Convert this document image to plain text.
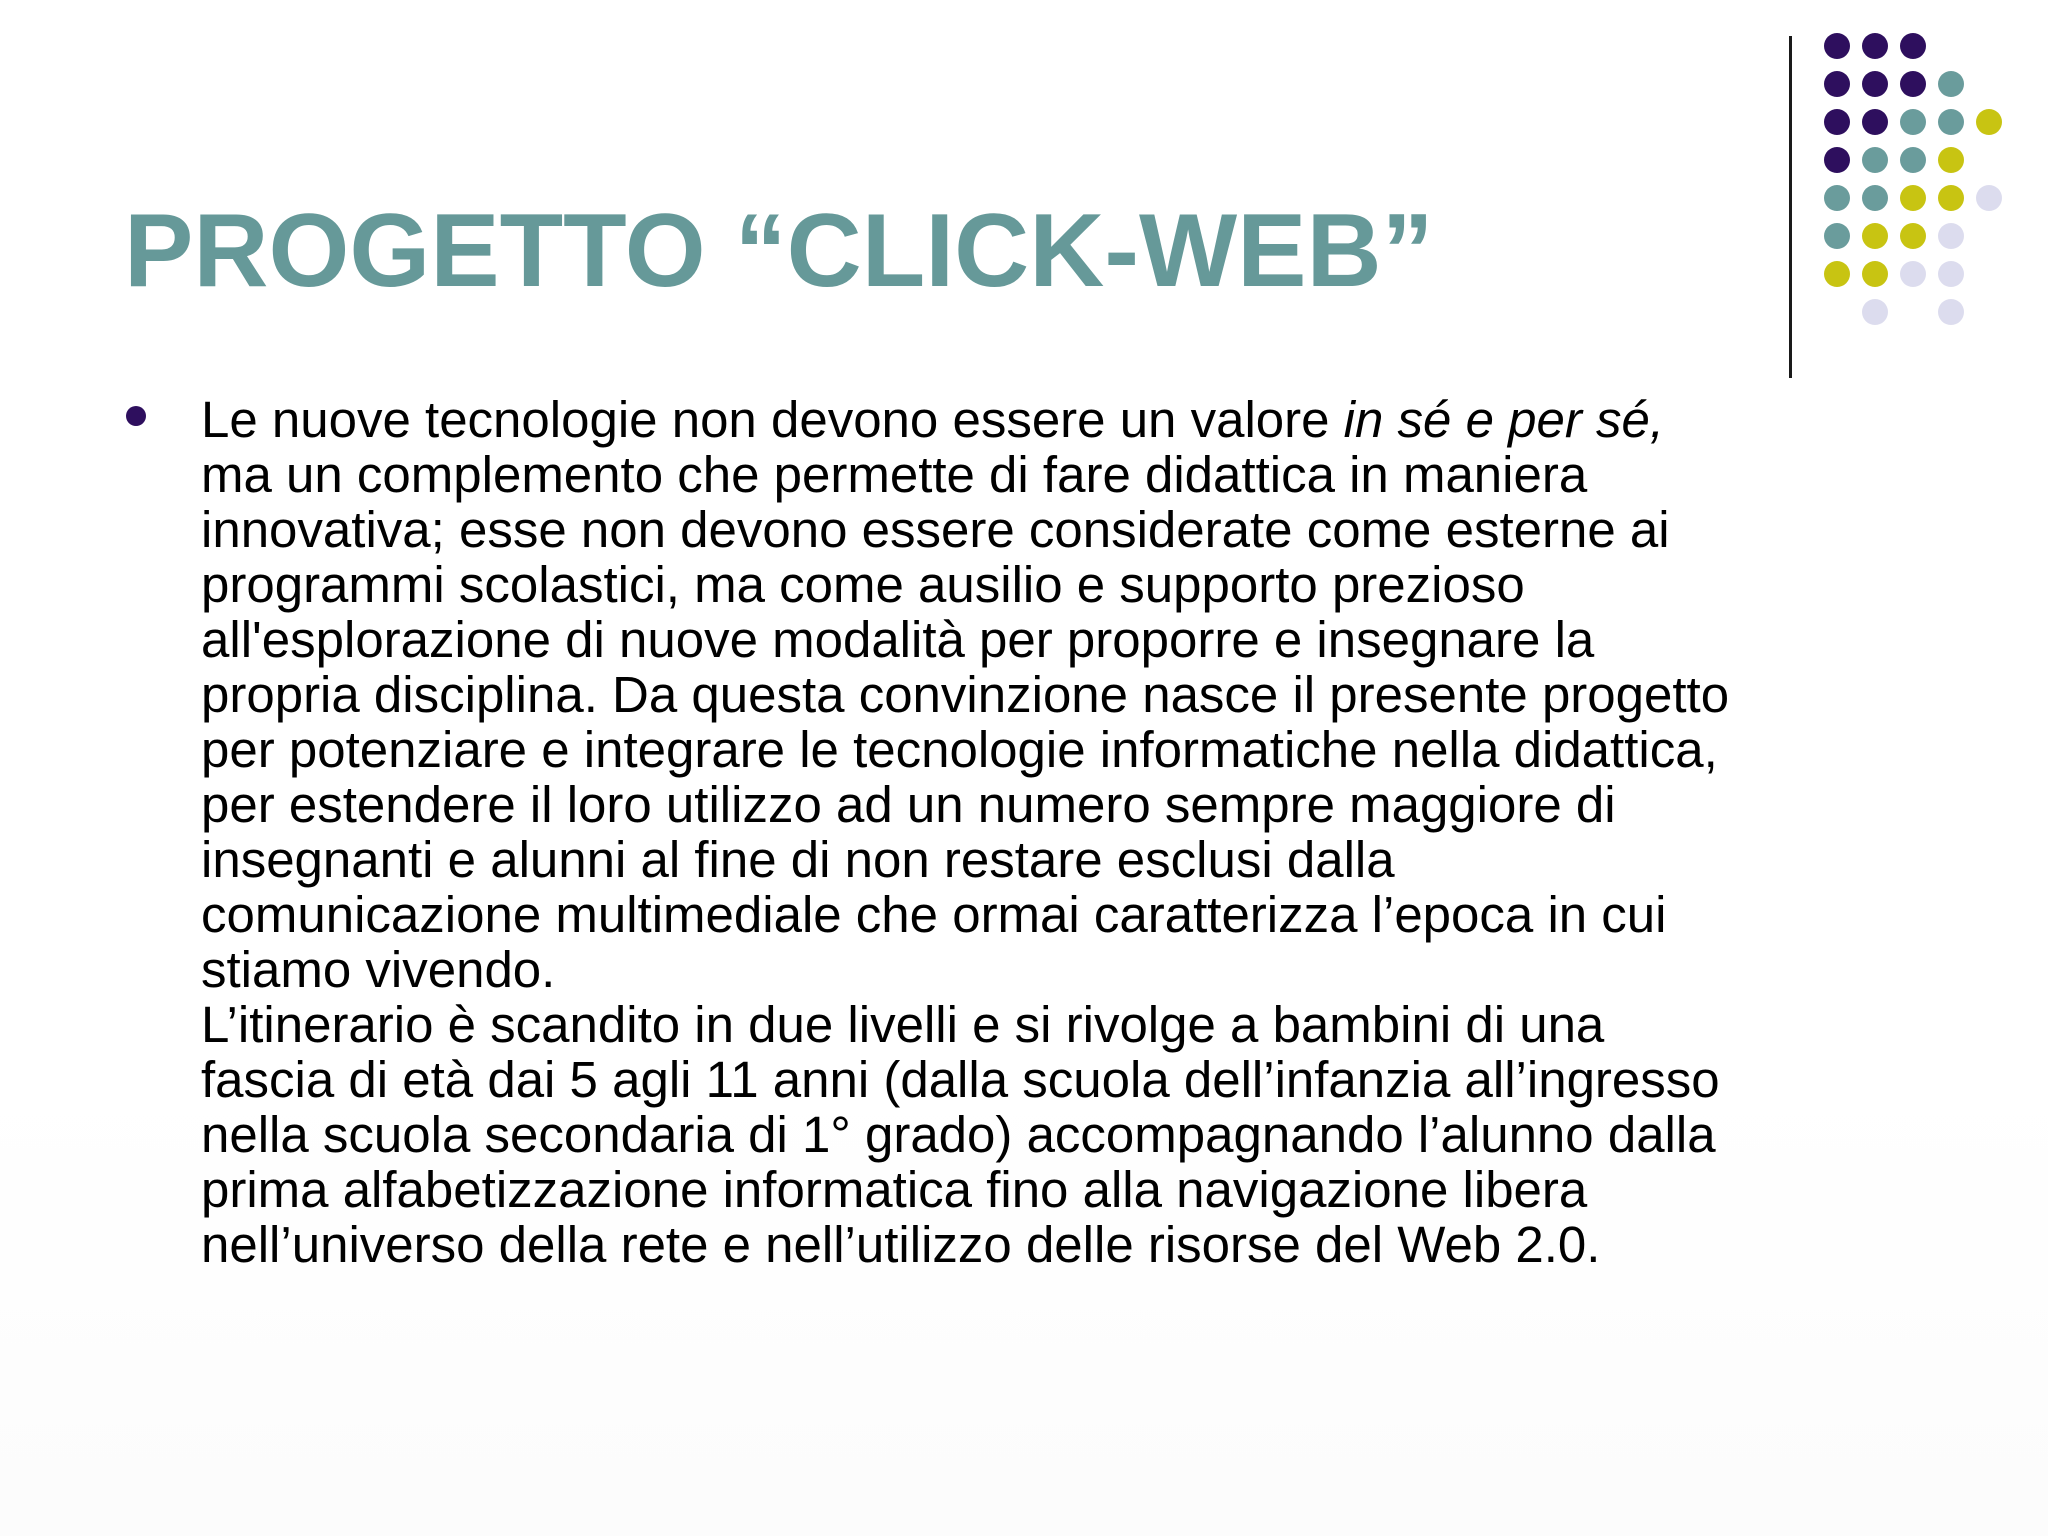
PROGETTO “CLICK-WEB”

Le nuove tecnologie non devono essere un valore in sé e per sé,
ma un complemento che permette di fare didattica in maniera
innovativa; esse non devono essere considerate come esterne ai
programmi scolastici, ma come ausilio e supporto prezioso
all'esplorazione di nuove modalità per proporre e insegnare la
propria disciplina. Da questa convinzione nasce il presente progetto
per potenziare e integrare le tecnologie informatiche nella didattica,
per estendere il loro utilizzo ad un numero sempre maggiore di
insegnanti e alunni al fine di non restare esclusi dalla
comunicazione multimediale che ormai caratterizza l’epoca in cui
stiamo vivendo.
L’itinerario è scandito in due livelli e si rivolge a bambini di una
fascia di età dai 5 agli 11 anni (dalla scuola dell’infanzia all’ingresso
nella scuola secondaria di 1° grado) accompagnando l’alunno dalla
prima alfabetizzazione informatica fino alla navigazione libera
nell’universo della rete e nell’utilizzo delle risorse del Web 2.0.
